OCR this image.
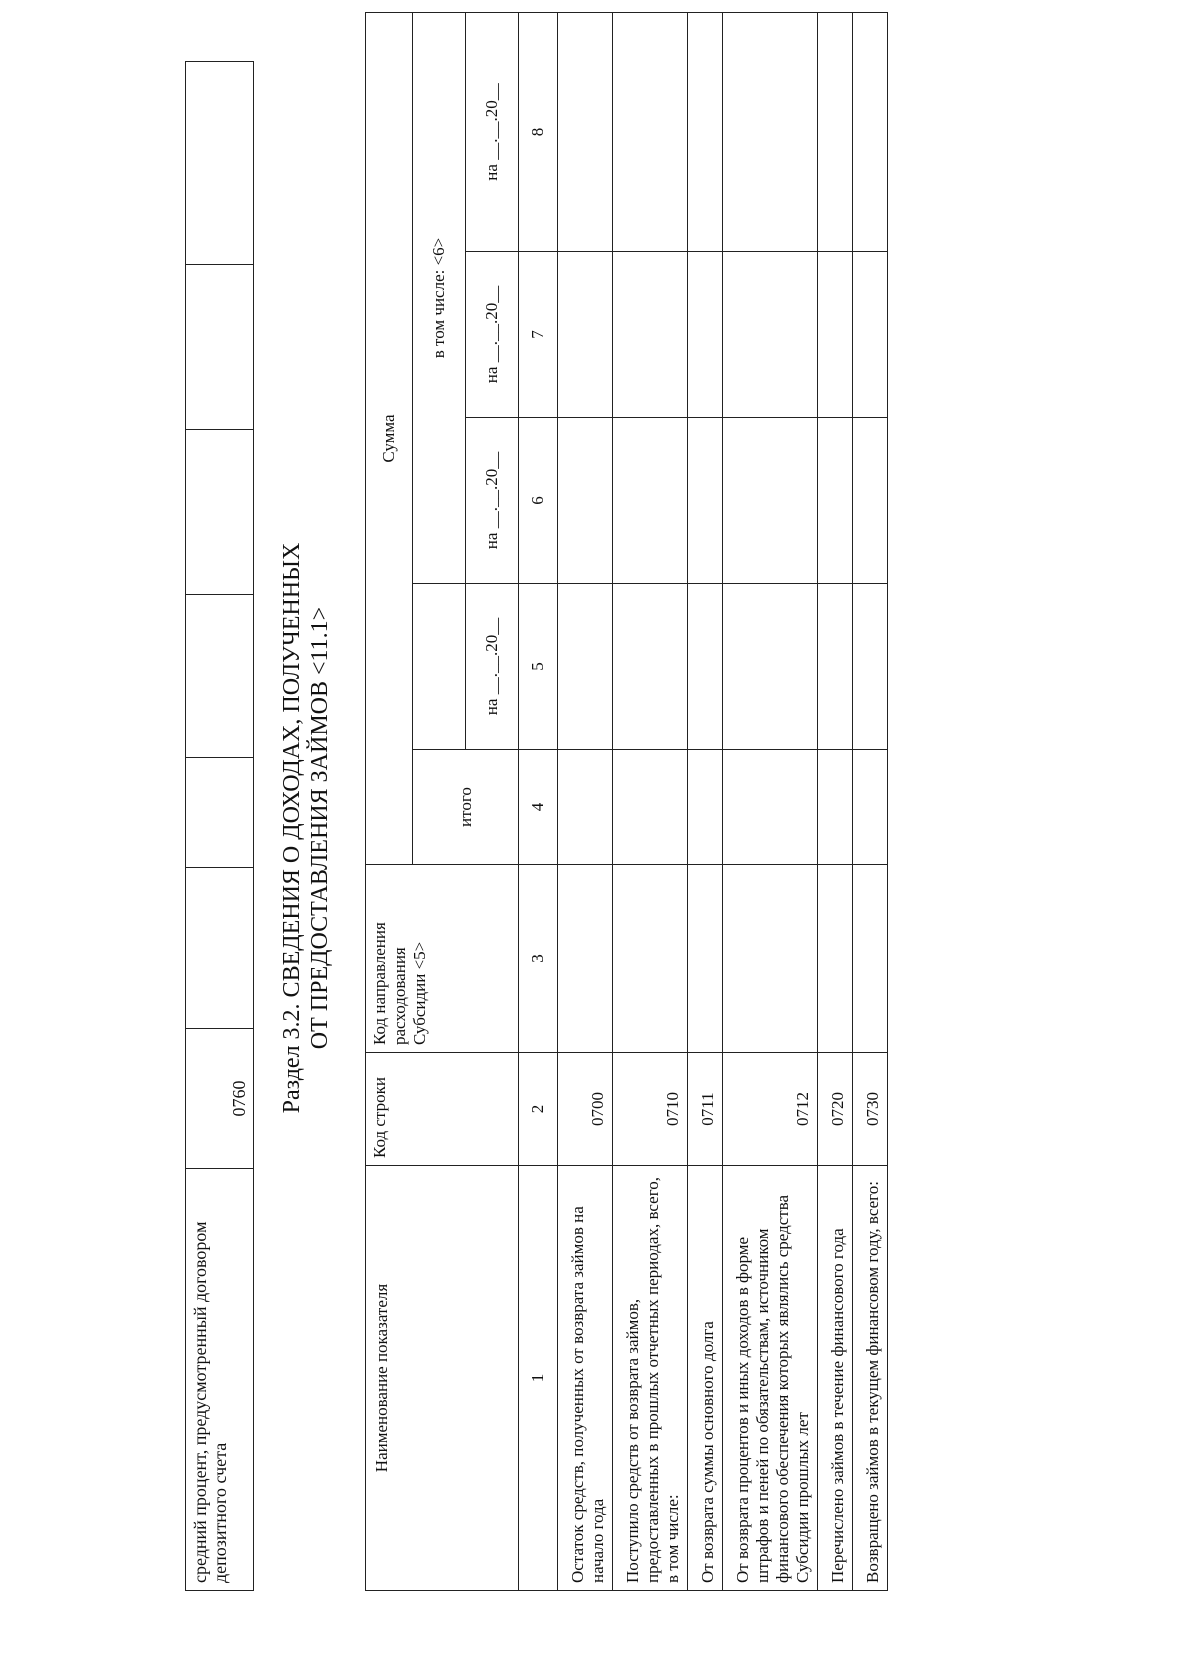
средний процент, предусмотренный договором депозитного счета	0760						Раздел 3.2. СВЕДЕНИЯ О ДОХОДАХ, ПОЛУЧЕННЫХ ОТ ПРЕДОСТАВЛЕНИЯ ЗАЙМОВ <11.1>
Наименование показателя	Код строки	Код направления расходования Субсидии <5>	Сумма				
			итого		в том числе: <6>		
				на __.__.20__	на __.__.20__	на __.__.20__	на __.__.20__
1	2	3	4	5	6	7	8
Остаток средств, полученных от возврата займов на начало года	0700						
Поступило средств от возврата займов, предоставленных в прошлых отчетных периодах, всего, в том числе:	0710						
От возврата суммы основного долга	0711						
От возврата процентов и иных доходов в форме штрафов и пеней по обязательствам, источником финансового обеспечения которых являлись средства Субсидии прошлых лет	0712						
Перечислено займов в течение финансового года	0720						
Возвращено займов в текущем финансовом году, всего:	0730						
